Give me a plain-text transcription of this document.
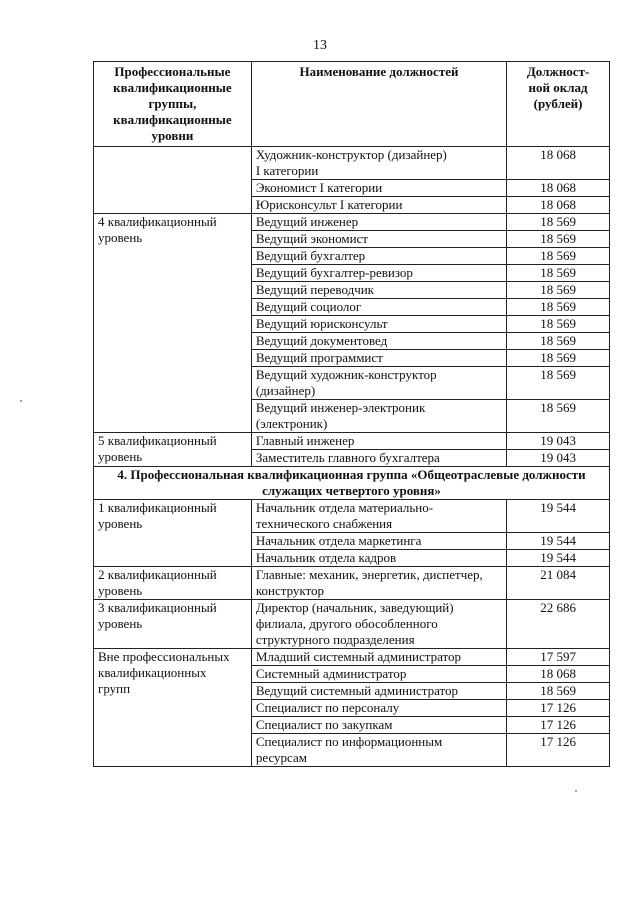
13
Профессиональные
квалификационные
группы,
квалификационные
уровни	Наименование должностей	Должност-
ной оклад
(рублей)
	Художник-конструктор (дизайнер)
I категории	18 068
	Экономист I категории	18 068
	Юрисконсульт I категории	18 068
4 квалификационный
уровень	Ведущий инженер	18 569
	Ведущий экономист	18 569
	Ведущий бухгалтер	18 569
	Ведущий бухгалтер-ревизор	18 569
	Ведущий переводчик	18 569
	Ведущий социолог	18 569
	Ведущий юрисконсульт	18 569
	Ведущий документовед	18 569
	Ведущий программист	18 569
	Ведущий художник-конструктор
(дизайнер)	18 569
	Ведущий инженер-электроник
(электроник)	18 569
5 квалификационный
уровень	Главный инженер	19 043
	Заместитель главного бухгалтера	19 043
4. Профессиональная квалификационная группа «Общеотраслевые должности
служащих четвертого уровня»		
1 квалификационный
уровень	Начальник отдела материально-
технического снабжения	19 544
	Начальник отдела маркетинга	19 544
	Начальник отдела кадров	19 544
2 квалификационный
уровень	Главные: механик, энергетик, диспетчер,
конструктор	21 084
3 квалификационный
уровень	Директор (начальник, заведующий)
филиала, другого обособленного
структурного подразделения	22 686
Вне профессиональных
квалификационных
групп	Младший системный администратор	17 597
	Системный администратор	18 068
	Ведущий системный администратор	18 569
	Специалист по персоналу	17 126
	Специалист по закупкам	17 126
	Специалист по информационным
ресурсам	17 126
